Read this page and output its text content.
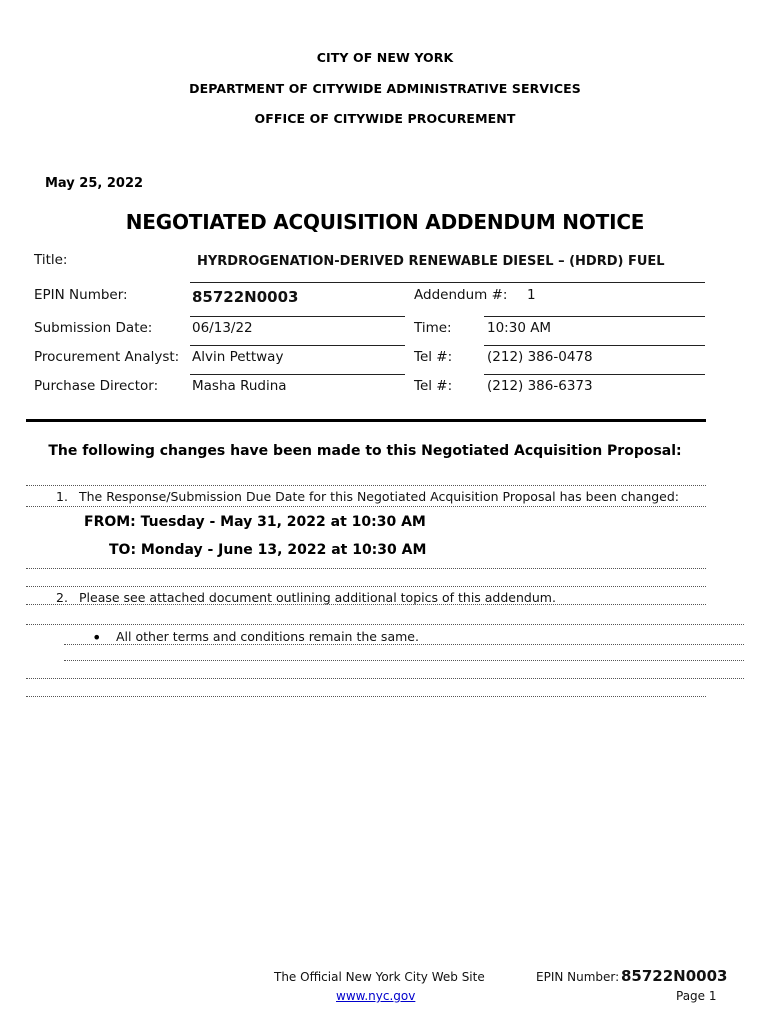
CITY OF NEW YORK
DEPARTMENT OF CITYWIDE ADMINISTRATIVE SERVICES
OFFICE OF CITYWIDE PROCUREMENT
May 25, 2022
NEGOTIATED ACQUISITION ADDENDUM NOTICE
Title:	HYRDROGENATION-DERIVED RENEWABLE DIESEL – (HDRD) FUEL
EPIN Number:	85722N0003	Addendum #: 1
Submission Date:	06/13/22	Time:	10:30 AM
Procurement Analyst: Alvin Pettway	Tel #:	(212) 386-0478
Purchase Director:	Masha Rudina	Tel #:	(212) 386-6373
The following changes have been made to this Negotiated Acquisition Proposal:
1. The Response/Submission Due Date for this Negotiated Acquisition Proposal has been changed:
FROM: Tuesday - May 31, 2022 at 10:30 AM
TO: Monday - June 13, 2022 at 10:30 AM
2. Please see attached document outlining additional topics of this addendum.
• All other terms and conditions remain the same.
The Official New York City Web Site
www.nyc.gov
EPIN Number: 85722N0003
Page 1
